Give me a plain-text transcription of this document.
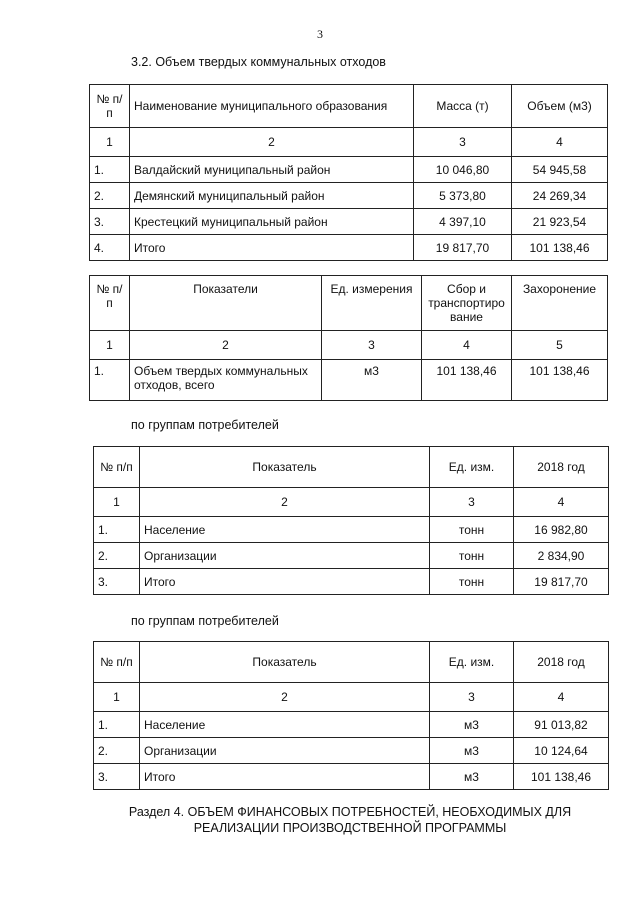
3
3.2. Объем твердых коммунальных отходов
№ п/п	Наименование муниципального образования	Масса (т)	Объем (м3)
1	2	3	4
1.	Валдайский муниципальный район	10 046,80	54 945,58
2.	Демянский муниципальный район	5 373,80	24 269,34
3.	Крестецкий муниципальный район	4 397,10	21 923,54
4.	Итого	19 817,70	101 138,46
№ п/п	Показатели	Ед. измерения	Сбор и транспортиро вание	Захоронение
1	2	3	4	5
1.	Объем твердых коммунальных отходов, всего	м3	101 138,46	101 138,46
по группам потребителей
№ п/п	Показатель	Ед. изм.	2018 год
1	2	3	4
1.	Население	тонн	16 982,80
2.	Организации	тонн	2 834,90
3.	Итого	тонн	19 817,70
по группам потребителей
№ п/п	Показатель	Ед. изм.	2018 год
1	2	3	4
1.	Население	м3	91 013,82
2.	Организации	м3	10 124,64
3.	Итого	м3	101 138,46
Раздел 4. ОБЪЕМ ФИНАНСОВЫХ ПОТРЕБНОСТЕЙ, НЕОБХОДИМЫХ ДЛЯ
РЕАЛИЗАЦИИ ПРОИЗВОДСТВЕННОЙ ПРОГРАММЫ
